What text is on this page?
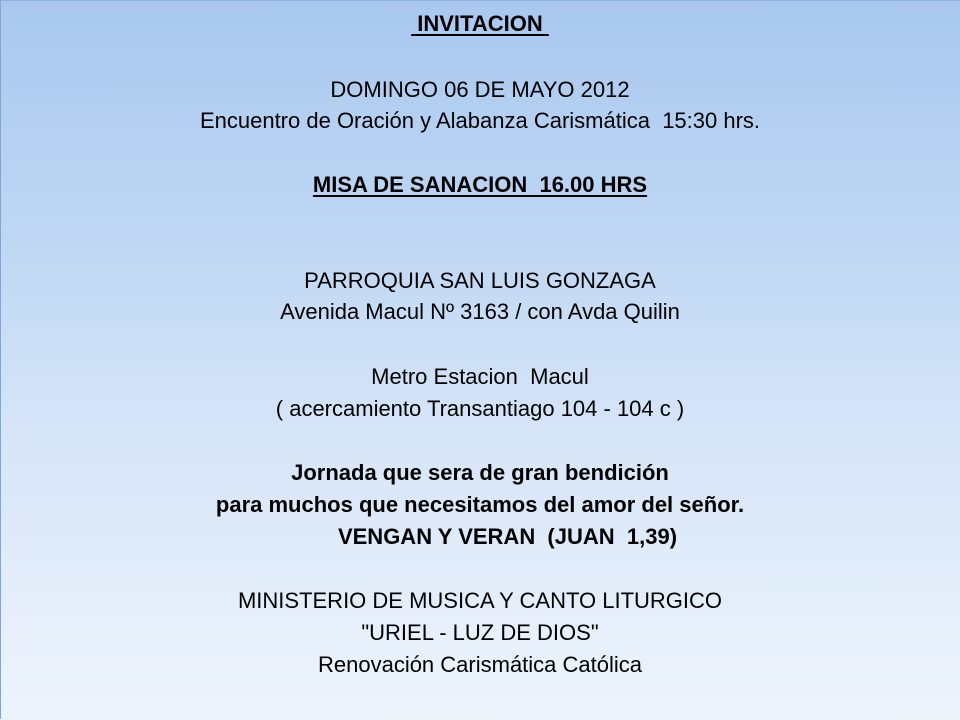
INVITACION
DOMINGO 06 DE MAYO 2012
Encuentro de Oración y Alabanza Carismática  15:30 hrs.
MISA DE SANACION  16.00 HRS
PARROQUIA SAN LUIS GONZAGA
Avenida Macul Nº 3163 / con Avda Quilin
Metro Estacion  Macul
( acercamiento Transantiago 104 - 104 c )
Jornada que sera de gran bendición
para muchos que necesitamos del amor del señor.
VENGAN Y VERAN  (JUAN  1,39)
MINISTERIO DE MUSICA Y CANTO LITURGICO
"URIEL - LUZ DE DIOS"
Renovación Carismática Católica
